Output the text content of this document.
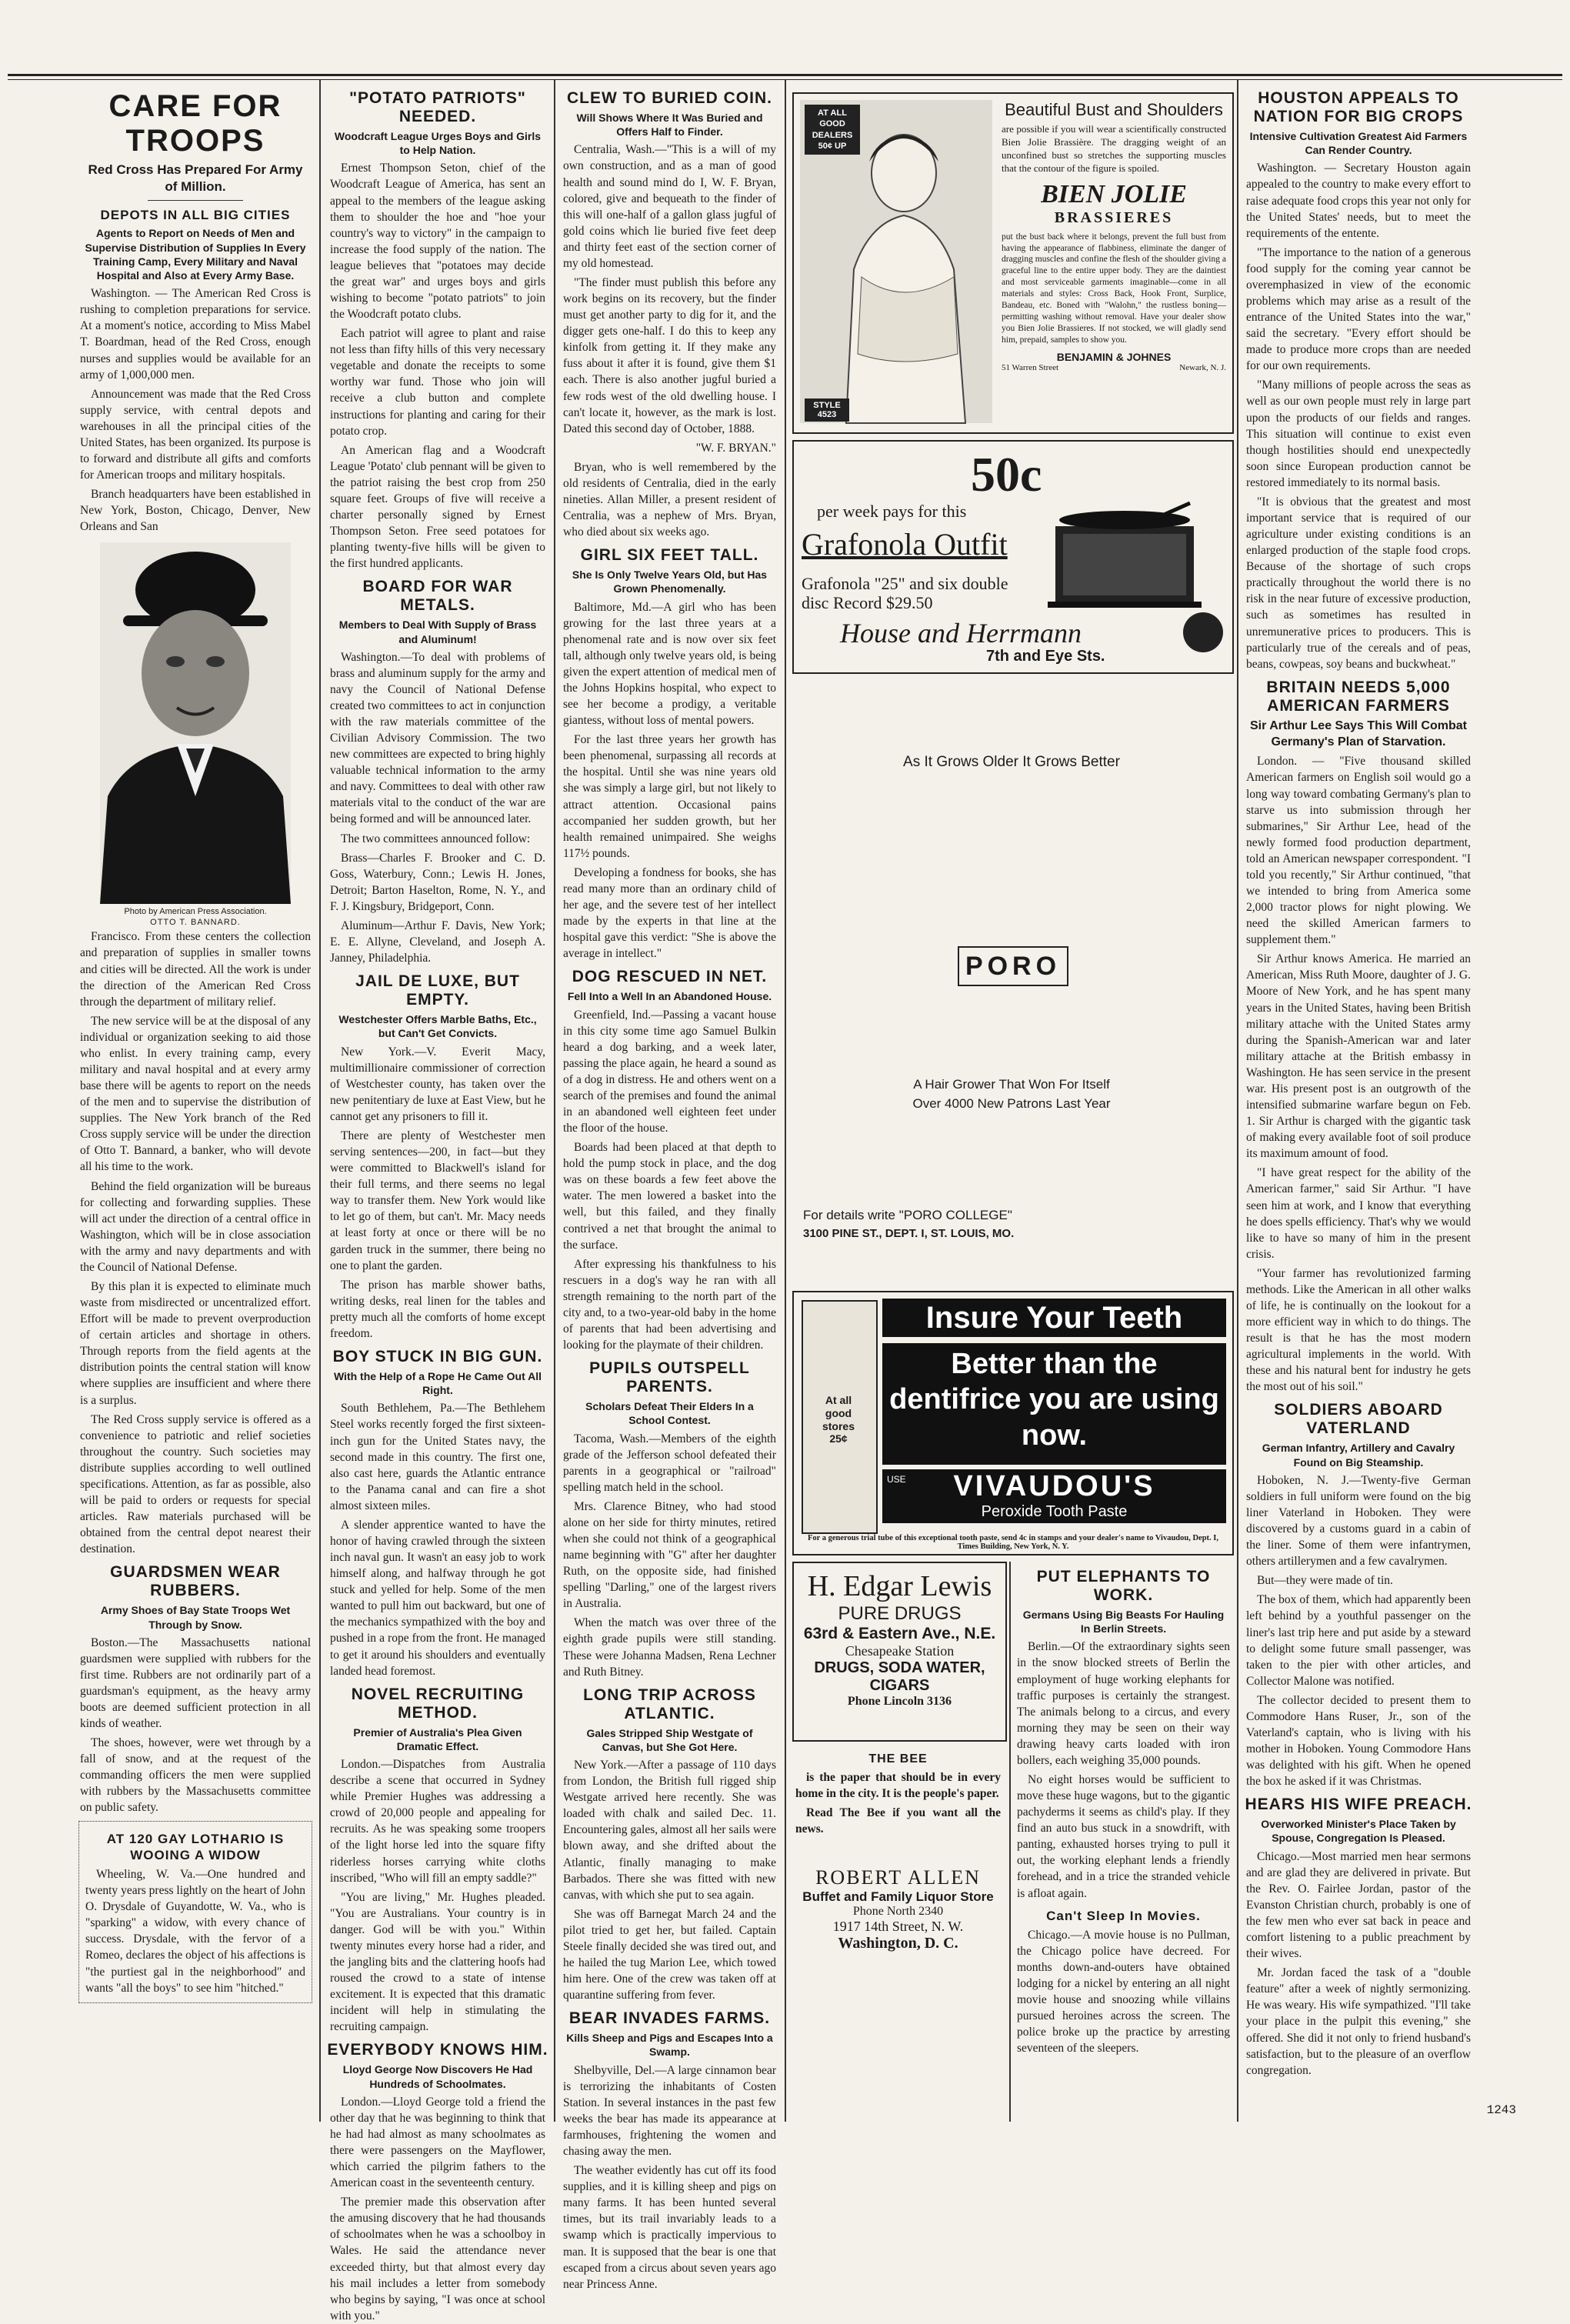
CARE FOR TROOPS
Red Cross Has Prepared For Army of Million.
DEPOTS IN ALL BIG CITIES
Agents to Report on Needs of Men and Supervise Distribution of Supplies In Every Training Camp, Every Military and Naval Hospital and Also at Every Army Base.

Washington. — The American Red Cross is rushing to completion preparations for service. At a moment's notice, according to Miss Mabel T. Boardman, head of the Red Cross, enough nurses and supplies would be available for an army of 1,000,000 men.

Announcement was made that the Red Cross supply service, with central depots and warehouses in all the principal cities of the United States, has been organized. Its purpose is to forward and distribute all gifts and comforts for American troops and military hospitals.

Branch headquarters have been established in New York, Boston, Chicago, Denver, New Orleans and San

Photo by American Press Association.
OTTO T. BANNARD.

Francisco. From these centers the collection and preparation of supplies in smaller towns and cities will be directed. All the work is under the direction of the American Red Cross through the department of military relief.

The new service will be at the disposal of any individual or organization seeking to aid those who enlist. In every training camp, every military and naval hospital and at every army base there will be agents to report on the needs of the men and to supervise the distribution of supplies. The New York branch of the Red Cross supply service will be under the direction of Otto T. Bannard, a banker, who will devote all his time to the work.

Behind the field organization will be bureaus for collecting and forwarding supplies. These will act under the direction of a central office in Washington, which will be in close association with the army and navy departments and with the Council of National Defense.

By this plan it is expected to eliminate much waste from misdirected or uncentralized effort. Effort will be made to prevent overproduction of certain articles and shortage in others. Through reports from the field agents at the distribution points the central station will know where supplies are insufficient and where there is a surplus.

The Red Cross supply service is offered as a convenience to patriotic and relief societies throughout the country. Such societies may distribute supplies according to well outlined specifications. Attention, as far as possible, also will be paid to orders or requests for special articles. Raw materials purchased will be obtained from the central depot nearest their destination.

GUARDSMEN WEAR RUBBERS.
Army Shoes of Bay State Troops Wet Through by Snow.

Boston.—The Massachusetts national guardsmen were supplied with rubbers for the first time. Rubbers are not ordinarily part of a guardsman's equipment, as the heavy army boots are deemed sufficient protection in all kinds of weather.

The shoes, however, were wet through by a fall of snow, and at the request of the commanding officers the men were supplied with rubbers by the Massachusetts committee on public safety.

AT 120 GAY LOTHARIO IS WOOING A WIDOW

Wheeling, W. Va.—One hundred and twenty years press lightly on the heart of John O. Drysdale of Guyandotte, W. Va., who is "sparking" a widow, with every chance of success. Drysdale, with the fervor of a Romeo, declares the object of his affections is "the purtiest gal in the neighborhood" and wants "all the boys" to see him "hitched."

"POTATO PATRIOTS" NEEDED.
Woodcraft League Urges Boys and Girls to Help Nation.

Ernest Thompson Seton, chief of the Woodcraft League of America, has sent an appeal to the members of the league asking them to shoulder the hoe and "hoe your country's way to victory" in the campaign to increase the food supply of the nation. The league believes that "potatoes may decide the great war" and urges boys and girls wishing to become "potato patriots" to join the Woodcraft potato clubs.

Each patriot will agree to plant and raise not less than fifty hills of this very necessary vegetable and donate the receipts to some worthy war fund. Those who join will receive a club button and complete instructions for planting and caring for their potato crop.

An American flag and a Woodcraft League 'Potato' club pennant will be given to the patriot raising the best crop from 250 square feet. Groups of five will receive a charter personally signed by Ernest Thompson Seton. Free seed potatoes for planting twenty-five hills will be given to the first hundred applicants.

BOARD FOR WAR METALS.
Members to Deal With Supply of Brass and Aluminum!

Washington.—To deal with problems of brass and aluminum supply for the army and navy the Council of National Defense created two committees to act in conjunction with the raw materials committee of the Civilian Advisory Commission. The two new committees are expected to bring highly valuable technical information to the army and navy. Committees to deal with other raw materials vital to the conduct of the war are being formed and will be announced later.

The two committees announced follow:

Brass—Charles F. Brooker and C. D. Goss, Waterbury, Conn.; Lewis H. Jones, Detroit; Barton Haselton, Rome, N. Y., and F. J. Kingsbury, Bridgeport, Conn.

Aluminum—Arthur F. Davis, New York; E. E. Allyne, Cleveland, and Joseph A. Janney, Philadelphia.

JAIL DE LUXE, BUT EMPTY.
Westchester Offers Marble Baths, Etc., but Can't Get Convicts.

New York.—V. Everit Macy, multimillionaire commissioner of correction of Westchester county, has taken over the new penitentiary de luxe at East View, but he cannot get any prisoners to fill it.

There are plenty of Westchester men serving sentences—200, in fact—but they were committed to Blackwell's island for their full terms, and there seems no legal way to transfer them. New York would like to let go of them, but can't. Mr. Macy needs at least forty at once or there will be no garden truck in the summer, there being no one to plant the garden.

The prison has marble shower baths, writing desks, real linen for the tables and pretty much all the comforts of home except freedom.

BOY STUCK IN BIG GUN.
With the Help of a Rope He Came Out All Right.

South Bethlehem, Pa.—The Bethlehem Steel works recently forged the first sixteen-inch gun for the United States navy, the second made in this country. The first one, also cast here, guards the Atlantic entrance to the Panama canal and can fire a shot almost sixteen miles.

A slender apprentice wanted to have the honor of having crawled through the sixteen inch naval gun. It wasn't an easy job to work himself along, and halfway through he got stuck and yelled for help. Some of the men wanted to pull him out backward, but one of the mechanics sympathized with the boy and pushed in a rope from the front. He managed to get it around his shoulders and eventually landed head foremost.

NOVEL RECRUITING METHOD.
Premier of Australia's Plea Given Dramatic Effect.

London.—Dispatches from Australia describe a scene that occurred in Sydney while Premier Hughes was addressing a crowd of 20,000 people and appealing for recruits. As he was speaking some troopers of the light horse led into the square fifty riderless horses carrying white cloths inscribed, "Who will fill an empty saddle?"

"You are living," Mr. Hughes pleaded. "You are Australians. Your country is in danger. God will be with you." Within twenty minutes every horse had a rider, and the jangling bits and the clattering hoofs had roused the crowd to a state of intense excitement. It is expected that this dramatic incident will help in stimulating the recruiting campaign.

EVERYBODY KNOWS HIM.
Lloyd George Now Discovers He Had Hundreds of Schoolmates.

London.—Lloyd George told a friend the other day that he was beginning to think that he had had almost as many schoolmates as there were passengers on the Mayflower, which carried the pilgrim fathers to the American coast in the seventeenth century.

The premier made this observation after the amusing discovery that he had thousands of schoolmates when he was a schoolboy in Wales. He said the attendance never exceeded thirty, but that almost every day his mail includes a letter from somebody who begins by saying, "I was once at school with you."

CLEW TO BURIED COIN.
Will Shows Where It Was Buried and Offers Half to Finder.

Centralia, Wash.—"This is a will of my own construction, and as a man of good health and sound mind do I, W. F. Bryan, colored, give and bequeath to the finder of this will one-half of a gallon glass jugful of gold coins which lie buried five feet deep and thirty feet east of the section corner of my old homestead.

"The finder must publish this before any work begins on its recovery, but the finder must get another party to dig for it, and the digger gets one-half. I do this to keep any kinfolk from getting it. If they make any fuss about it after it is found, give them $1 each. There is also another jugful buried a few rods west of the old dwelling house. I can't locate it, however, as the mark is lost. Dated this second day of October, 1888.

"W. F. BRYAN."

Bryan, who is well remembered by the old residents of Centralia, died in the early nineties. Allan Miller, a present resident of Centralia, was a nephew of Mrs. Bryan, who died about six weeks ago.

GIRL SIX FEET TALL.
She Is Only Twelve Years Old, but Has Grown Phenomenally.

Baltimore, Md.—A girl who has been growing for the last three years at a phenomenal rate and is now over six feet tall, although only twelve years old, is being given the expert attention of medical men of the Johns Hopkins hospital, who expect to see her become a prodigy, a veritable giantess, without loss of mental powers.

For the last three years her growth has been phenomenal, surpassing all records at the hospital. Until she was nine years old she was simply a large girl, but not likely to attract attention. Occasional pains accompanied her sudden growth, but her health remained unimpaired. She weighs 117½ pounds.

Developing a fondness for books, she has read many more than an ordinary child of her age, and the severe test of her intellect made by the experts in that line at the hospital gave this verdict: "She is above the average in intellect."

DOG RESCUED IN NET.
Fell Into a Well In an Abandoned House.

Greenfield, Ind.—Passing a vacant house in this city some time ago Samuel Bulkin heard a dog barking, and a week later, passing the place again, he heard a sound as of a dog in distress. He and others went on a search of the premises and found the animal in an abandoned well eighteen feet under the floor of the house.

Boards had been placed at that depth to hold the pump stock in place, and the dog was on these boards a few feet above the water. The men lowered a basket into the well, but this failed, and they finally contrived a net that brought the animal to the surface.

After expressing his thankfulness to his rescuers in a dog's way he ran with all strength remaining to the north part of the city and, to a two-year-old baby in the home of parents that had been advertising and looking for the playmate of their children.

PUPILS OUTSPELL PARENTS.
Scholars Defeat Their Elders In a School Contest.

Tacoma, Wash.—Members of the eighth grade of the Jefferson school defeated their parents in a geographical or "railroad" spelling match held in the school.

Mrs. Clarence Bitney, who had stood alone on her side for thirty minutes, retired when she could not think of a geographical name beginning with "G" after her daughter Ruth, on the opposite side, had finished spelling "Darling," one of the largest rivers in Australia.

When the match was over three of the eighth grade pupils were still standing. These were Johanna Madsen, Rena Lechner and Ruth Bitney.

LONG TRIP ACROSS ATLANTIC.
Gales Stripped Ship Westgate of Canvas, but She Got Here.

New York.—After a passage of 110 days from London, the British full rigged ship Westgate arrived here recently. She was loaded with chalk and sailed Dec. 11. Encountering gales, almost all her sails were blown away, and she drifted about the Atlantic, finally managing to make Barbados. There she was fitted with new canvas, with which she put to sea again.

She was off Barnegat March 24 and the pilot tried to get her, but failed. Captain Steele finally decided she was tired out, and he hailed the tug Marion Lee, which towed him here. One of the crew was taken off at quarantine suffering from fever.

BEAR INVADES FARMS.
Kills Sheep and Pigs and Escapes Into a Swamp.

Shelbyville, Del.—A large cinnamon bear is terrorizing the inhabitants of Costen Station. In several instances in the past few weeks the bear has made its appearance at farmhouses, frightening the women and chasing away the men.

The weather evidently has cut off its food supplies, and it is killing sheep and pigs on many farms. It has been hunted several times, but its trail invariably leads to a swamp which is practically impervious to man. It is supposed that the bear is one that escaped from a circus about seven years ago near Princess Anne.

AT ALL GOOD DEALERS 50¢ UP
STYLE 4523
Beautiful Bust and Shoulders
are possible if you will wear a scientifically constructed Bien Jolie Brassière. The dragging weight of an unconfined bust so stretches the supporting muscles that the contour of the figure is spoiled.
BIEN JOLIE
BRASSIERES
put the bust back where it belongs, prevent the full bust from having the appearance of flabbiness, eliminate the danger of dragging muscles and confine the flesh of the shoulder giving a graceful line to the entire upper body. They are the daintiest and most serviceable garments imaginable—come in all materials and styles: Cross Back, Hook Front, Surplice, Bandeau, etc. Boned with "Walohn," the rustless boning—permitting washing without removal. Have your dealer show you Bien Jolie Brassieres. If not stocked, we will gladly send him, prepaid, samples to show you.
BENJAMIN & JOHNES
51 Warren Street	Newark, N. J.
50c
per week pays for this
Grafonola Outfit
Grafonola "25" and six double disc Record $29.50
House and Herrmann
7th and Eye Sts.
As It Grows Older It Grows Better
PORO
A Hair Grower That Won For Itself
Over 4000 New Patrons Last Year
For details write "PORO COLLEGE"
3100 PINE ST., DEPT. I, ST. LOUIS, MO.
At all good stores 25¢
Insure Your Teeth
Better than the dentifrice you are using now.
USE	VIVAUDOU'S
Peroxide Tooth Paste
For a generous trial tube of this exceptional tooth paste, send 4c in stamps and your dealer's name to Vivaudou, Dept. I, Times Building, New York, N. Y.
H. Edgar Lewis
PURE DRUGS
63rd & Eastern Ave., N.E.
Chesapeake Station
DRUGS, SODA WATER, CIGARS
Phone Lincoln 3136
THE BEE

is the paper that should be in every home in the city. It is the people's paper.

Read The Bee if you want all the news.

ROBERT ALLEN
Buffet and Family Liquor Store
Phone North 2340
1917 14th Street, N. W.
Washington, D. C.
PUT ELEPHANTS TO WORK.
Germans Using Big Beasts For Hauling In Berlin Streets.

Berlin.—Of the extraordinary sights seen in the snow blocked streets of Berlin the employment of huge working elephants for traffic purposes is certainly the strangest. The animals belong to a circus, and every morning they may be seen on their way drawing heavy carts loaded with iron bollers, each weighing 35,000 pounds.

No eight horses would be sufficient to move these huge wagons, but to the gigantic pachyderms it seems as child's play. If they find an auto bus stuck in a snowdrift, with panting, exhausted horses trying to pull it out, the working elephant lends a friendly forehead, and in a trice the stranded vehicle is afloat again.

Can't Sleep In Movies.

Chicago.—A movie house is no Pullman, the Chicago police have decreed. For months down-and-outers have obtained lodging for a nickel by entering an all night movie house and snoozing while villains pursued heroines across the screen. The police broke up the practice by arresting seventeen of the sleepers.

HOUSTON APPEALS TO NATION FOR BIG CROPS
Intensive Cultivation Greatest Aid Farmers Can Render Country.

Washington. — Secretary Houston again appealed to the country to make every effort to raise adequate food crops this year not only for the United States' needs, but to meet the requirements of the entente.

"The importance to the nation of a generous food supply for the coming year cannot be overemphasized in view of the economic problems which may arise as a result of the entrance of the United States into the war," said the secretary. "Every effort should be made to produce more crops than are needed for our own requirements.

"Many millions of people across the seas as well as our own people must rely in large part upon the products of our fields and ranges. This situation will continue to exist even though hostilities should end unexpectedly soon since European production cannot be restored immediately to its normal basis.

"It is obvious that the greatest and most important service that is required of our agriculture under existing conditions is an enlarged production of the staple food crops. Because of the shortage of such crops practically throughout the world there is no risk in the near future of excessive production, such as sometimes has resulted in unremunerative prices to producers. This is particularly true of the cereals and of peas, beans, cowpeas, soy beans and buckwheat."

BRITAIN NEEDS 5,000 AMERICAN FARMERS
Sir Arthur Lee Says This Will Combat Germany's Plan of Starvation.

London. — "Five thousand skilled American farmers on English soil would go a long way toward combating Germany's plan to starve us into submission through her submarines," Sir Arthur Lee, head of the newly formed food production department, told an American newspaper correspondent. "I told you recently," Sir Arthur continued, "that we intended to bring from America some 2,000 tractor plows for night plowing. We need the skilled American farmers to supplement them."

Sir Arthur knows America. He married an American, Miss Ruth Moore, daughter of J. G. Moore of New York, and he has spent many years in the United States, having been British military attache with the United States army during the Spanish-American war and later military attache at the British embassy in Washington. He has seen service in the present war. His present post is an outgrowth of the intensified submarine warfare begun on Feb. 1. Sir Arthur is charged with the gigantic task of making every available foot of soil produce its maximum amount of food.

"I have great respect for the ability of the American farmer," said Sir Arthur. "I have seen him at work, and I know that everything he does spells efficiency. That's why we would like to have so many of him in the present crisis.

"Your farmer has revolutionized farming methods. Like the American in all other walks of life, he is continually on the lookout for a more efficient way in which to do things. The result is that he has the most modern agricultural implements in the world. With these and his natural bent for industry he gets the most out of his soil."

SOLDIERS ABOARD VATERLAND
German Infantry, Artillery and Cavalry Found on Big Steamship.

Hoboken, N. J.—Twenty-five German soldiers in full uniform were found on the big liner Vaterland in Hoboken. They were discovered by a customs guard in a cabin of the liner. Some of them were infantrymen, others artillerymen and a few cavalrymen.

But—they were made of tin.

The box of them, which had apparently been left behind by a youthful passenger on the liner's last trip here and put aside by a steward to delight some future small passenger, was taken to the pier with other articles, and Collector Malone was notified.

The collector decided to present them to Commodore Hans Ruser, Jr., son of the Vaterland's captain, who is living with his mother in Hoboken. Young Commodore Hans was delighted with his gift. When he opened the box he asked if it was Christmas.

HEARS HIS WIFE PREACH.
Overworked Minister's Place Taken by Spouse, Congregation Is Pleased.

Chicago.—Most married men hear sermons and are glad they are delivered in private. But the Rev. O. Fairlee Jordan, pastor of the Evanston Christian church, probably is one of the few men who ever sat back in peace and comfort listening to a public preachment by their wives.

Mr. Jordan faced the task of a "double feature" after a week of nightly sermonizing. He was weary. His wife sympathized. "I'll take your place in the pulpit this evening," she offered. She did it not only to friend husband's satisfaction, but to the pleasure of an overflow congregation.

1243
